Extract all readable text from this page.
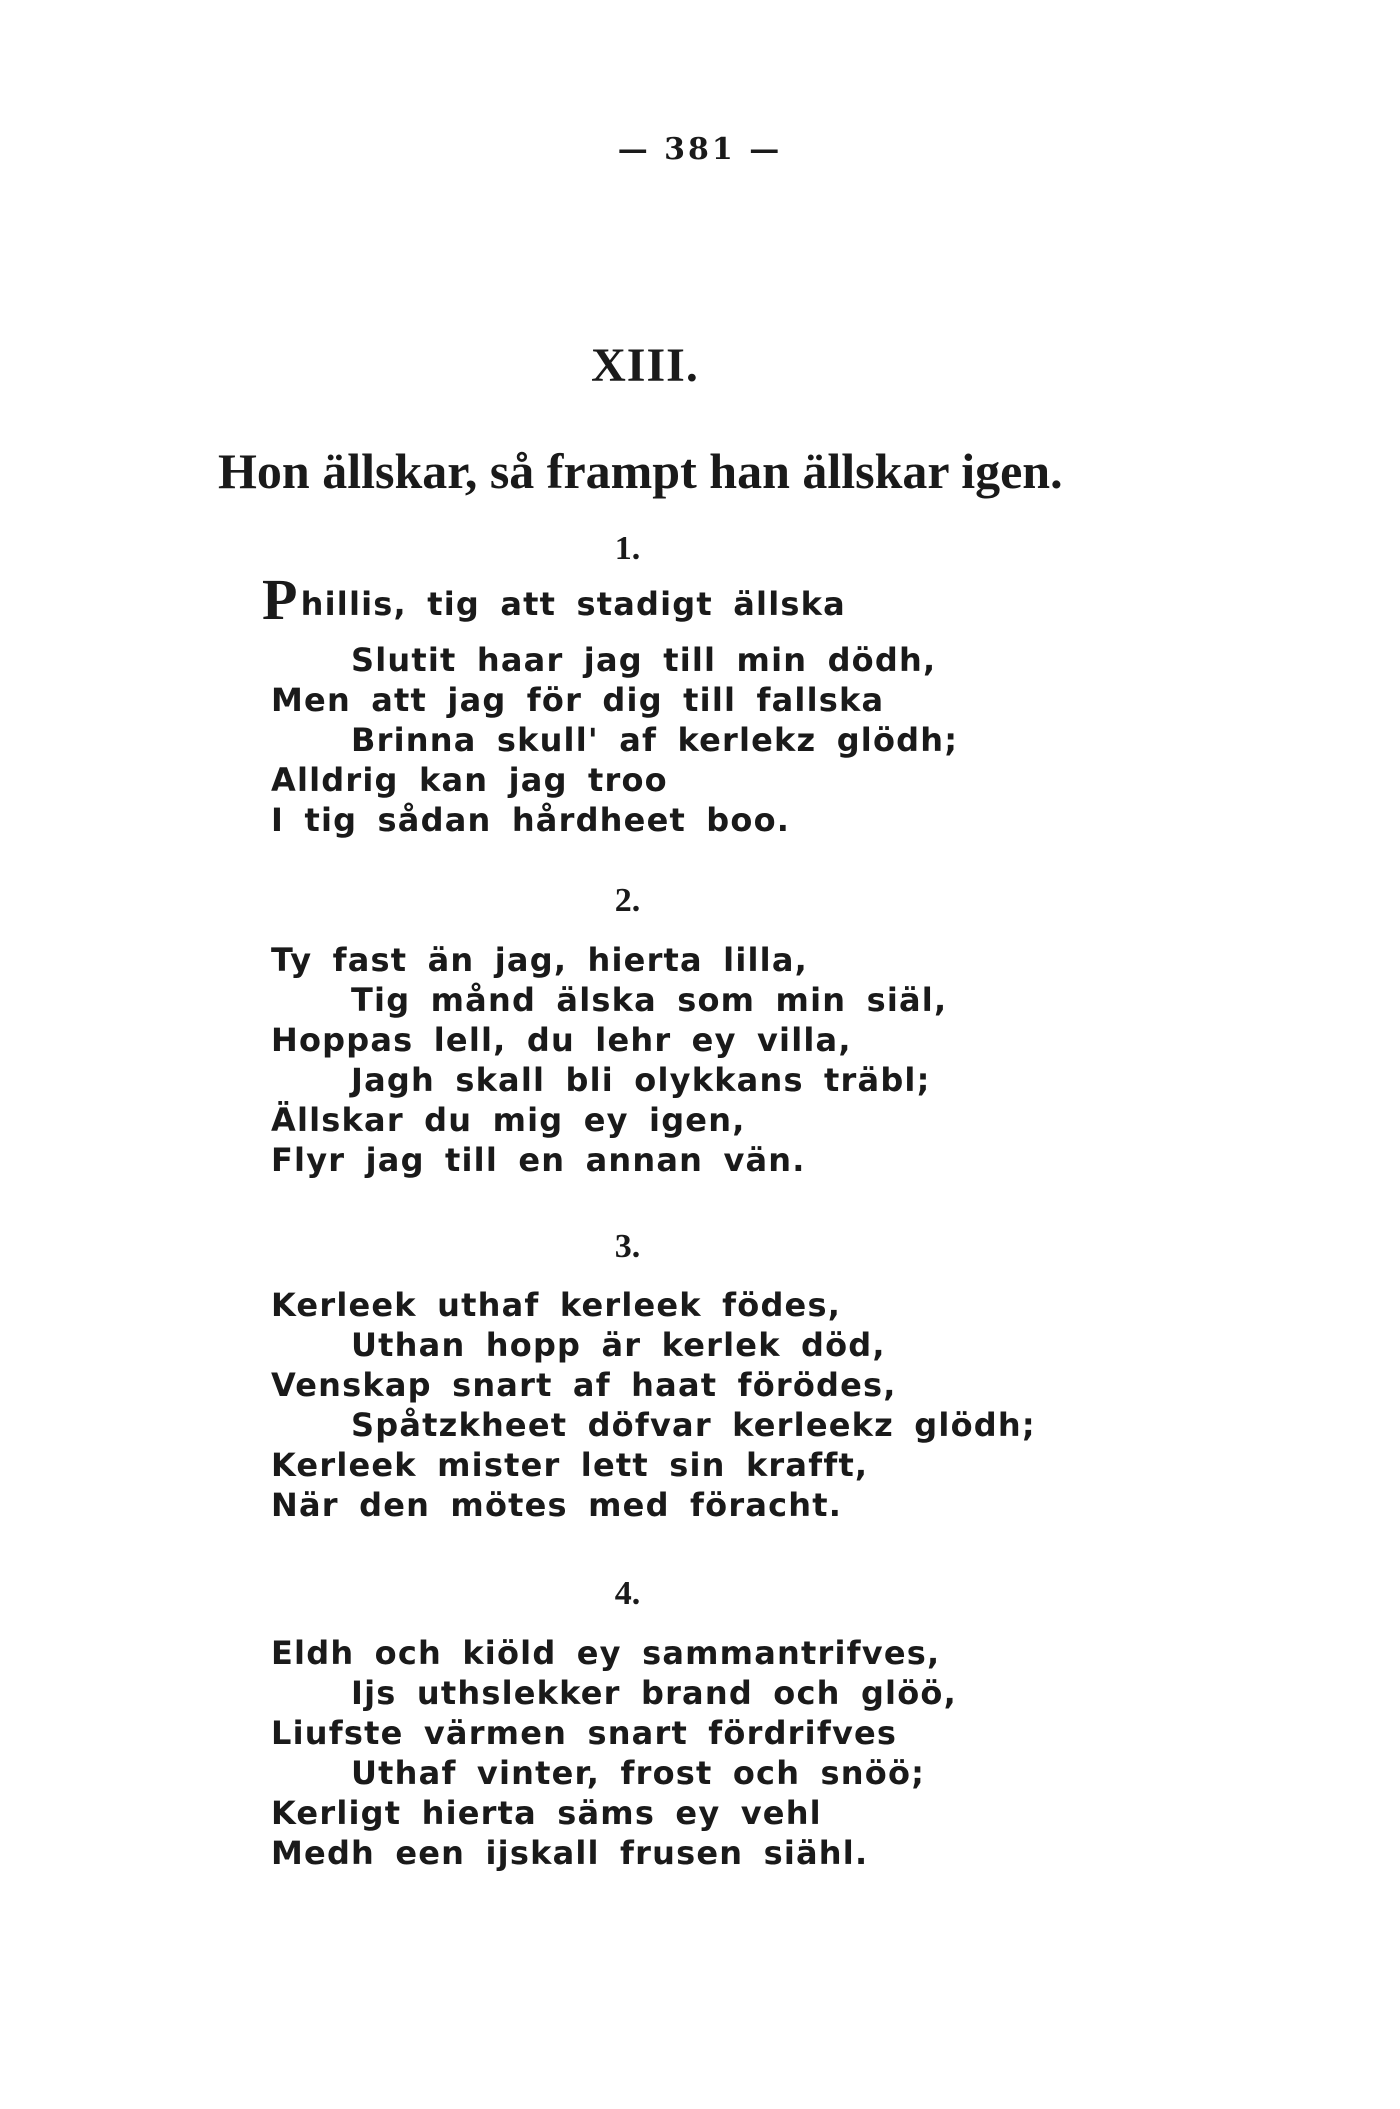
— 381 —
XIII.
Hon ällskar, så frampt han ällskar igen.
1.
Phillis, tig att stadigt ällska
Slutit haar jag till min dödh,
Men att jag för dig till fallska
Brinna skull' af kerlekz glödh;
Alldrig kan jag troo
I tig sådan hårdheet boo.
2.
Ty fast än jag, hierta lilla,
Tig månd älska som min siäl,
Hoppas lell, du lehr ey villa,
Jagh skall bli olykkans träbl;
Ällskar du mig ey igen,
Flyr jag till en annan vän.
3.
Kerleek uthaf kerleek födes,
Uthan hopp är kerlek död,
Venskap snart af haat förödes,
Spåtzkheet döfvar kerleekz glödh;
Kerleek mister lett sin krafft,
När den mötes med föracht.
4.
Eldh och kiöld ey sammantrifves,
Ijs uthslekker brand och glöö,
Liufste värmen snart fördrifves
Uthaf vinter, frost och snöö;
Kerligt hierta säms ey vehl
Medh een ijskall frusen siähl.
